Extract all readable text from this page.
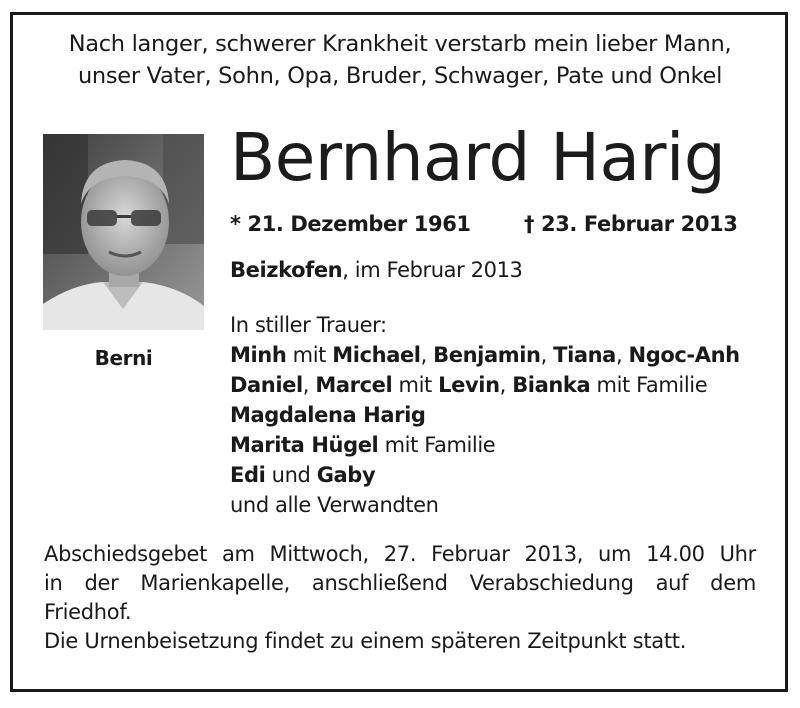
Nach langer, schwerer Krankheit verstarb mein lieber Mann,
unser Vater, Sohn, Opa, Bruder, Schwager, Pate und Onkel
Berni
Bernhard Harig
* 21. Dezember 1961	† 23. Februar 2013
Beizkofen, im Februar 2013
In stiller Trauer:
Minh mit Michael, Benjamin, Tiana, Ngoc-Anh
Daniel, Marcel mit Levin, Bianka mit Familie
Magdalena Harig
Marita Hügel mit Familie
Edi und Gaby
und alle Verwandten
Abschiedsgebet am Mittwoch, 27. Februar 2013, um 14.00 Uhr
in der Marienkapelle, anschließend Verabschiedung auf dem
Friedhof.
Die Urnenbeisetzung findet zu einem späteren Zeitpunkt statt.
